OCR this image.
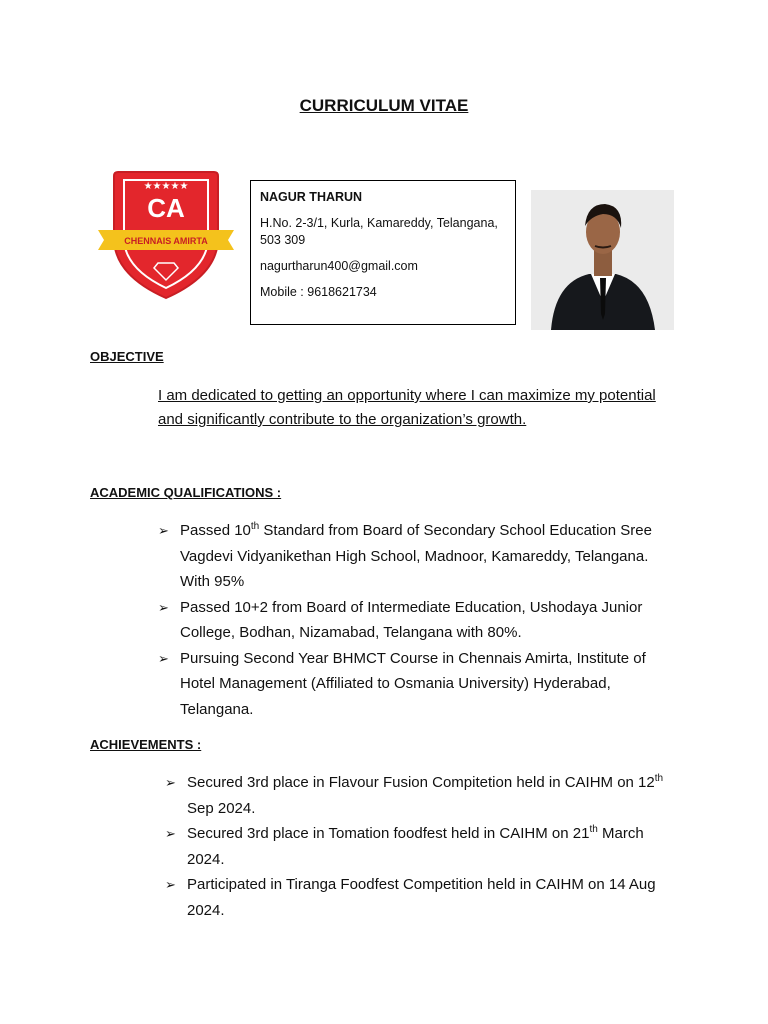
CURRICULUM VITAE
★★★★★
CA
CHENNAIS AMIRTA
NAGUR THARUN
H.No. 2-3/1, Kurla, Kamareddy, Telangana, 503 309
nagurtharun400@gmail.com
Mobile : 9618621734
OBJECTIVE
I am dedicated to getting an opportunity where I can maximize my potential and significantly contribute to the organization’s growth.
ACADEMIC QUALIFICATIONS :
➢ Passed 10th Standard from Board of Secondary School Education Sree Vagdevi Vidyanikethan High School, Madnoor, Kamareddy, Telangana. With 95%
➢ Passed 10+2 from Board of Intermediate Education, Ushodaya Junior College, Bodhan, Nizamabad, Telangana with 80%.
➢ Pursuing Second Year BHMCT Course in Chennais Amirta, Institute of Hotel Management (Affiliated to Osmania University) Hyderabad, Telangana.
ACHIEVEMENTS :
➢ Secured 3rd place in Flavour Fusion Compitetion held in CAIHM on 12th Sep 2024.
➢ Secured 3rd place in Tomation foodfest held in CAIHM on 21th March 2024.
➢ Participated in Tiranga Foodfest Competition held in CAIHM on 14 Aug 2024.
